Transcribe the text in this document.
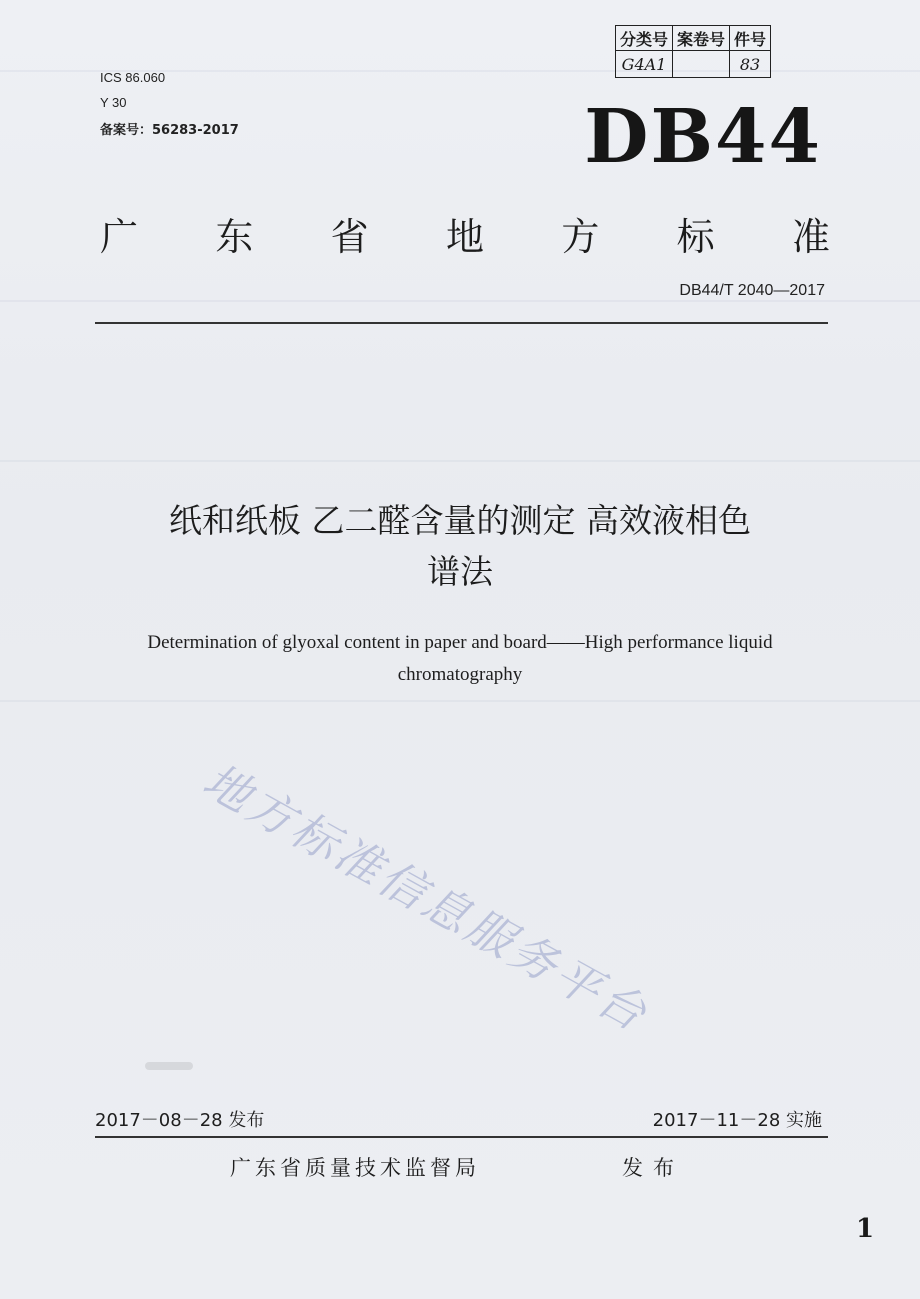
ICS 86.060
Y 30
备案号：56283-2017
分类号	案卷号	件号
G4A1		83
DB44
广 东 省 地 方 标 准
DB44/T 2040—2017
纸和纸板 乙二醛含量的测定 高效液相色
谱法
Determination of glyoxal content in paper and board——High performance liquid
chromatography
地方标准信息服务平台
2017－08－28 发布	2017－11－28 实施
广东省质量技术监督局	发布
1
